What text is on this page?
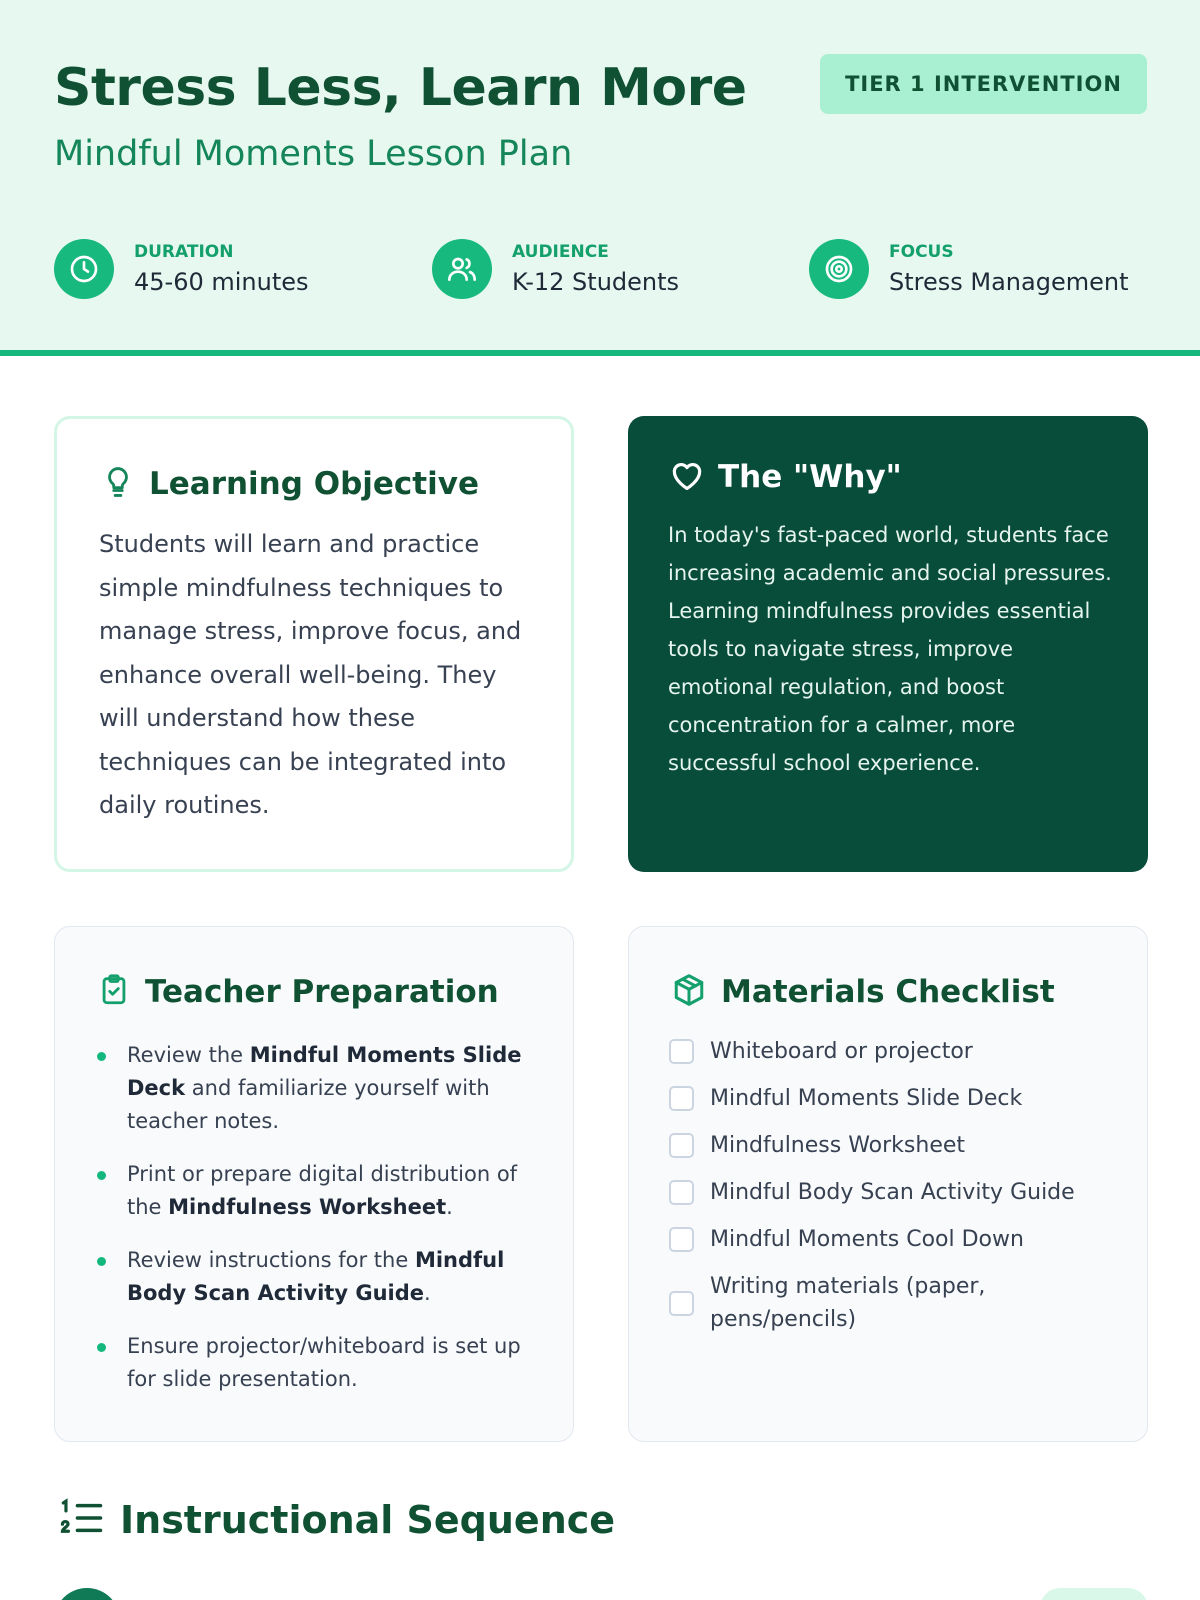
Stress Less, Learn More
Mindful Moments Lesson Plan
TIER 1 INTERVENTION
DURATION
45-60 minutes
AUDIENCE
K-12 Students
FOCUS
Stress Management
Learning Objective
Students will learn and practice simple mindfulness techniques to manage stress, improve focus, and enhance overall well-being. They will understand how these techniques can be integrated into daily routines.
The "Why"
In today's fast-paced world, students face increasing academic and social pressures. Learning mindfulness provides essential tools to navigate stress, improve emotional regulation, and boost concentration for a calmer, more successful school experience.
Teacher Preparation
Review the Mindful Moments Slide Deck and familiarize yourself with teacher notes.
Print or prepare digital distribution of the Mindfulness Worksheet.
Review instructions for the Mindful Body Scan Activity Guide.
Ensure projector/whiteboard is set up for slide presentation.
Materials Checklist
Whiteboard or projector
Mindful Moments Slide Deck
Mindfulness Worksheet
Mindful Body Scan Activity Guide
Mindful Moments Cool Down
Writing materials (paper, pens/pencils)
Instructional Sequence
